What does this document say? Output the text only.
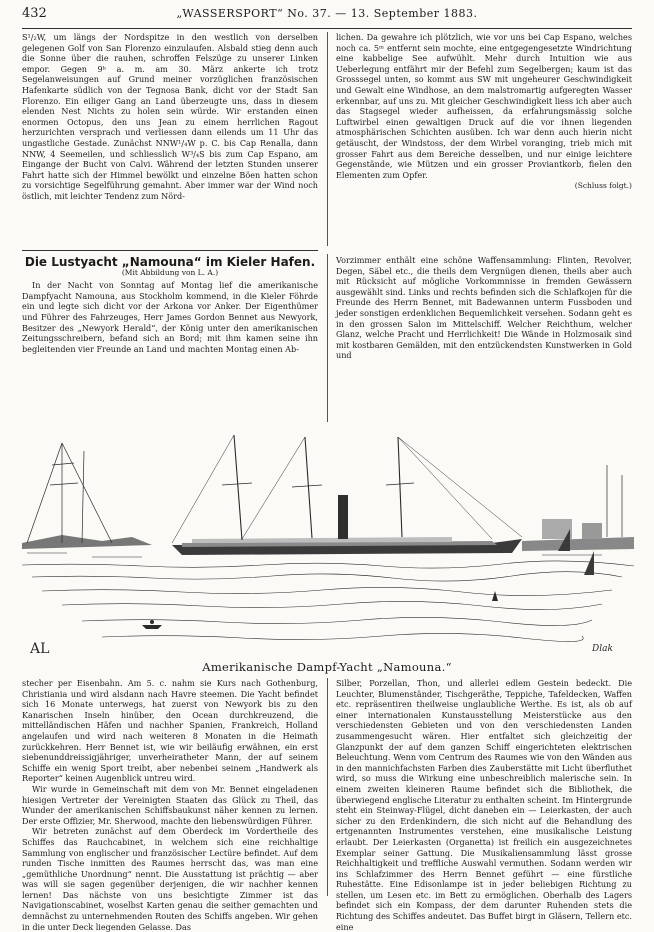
432	„WASSERSPORT“ No. 37. — 13. September 1883.

S¹/₂W, um längs der Nordspitze in den westlich von derselben gelegenen Golf von San Florenzo einzulaufen. Alsbald stieg denn auch die Sonne über die rauhen, schroffen Felszüge zu unserer Linken empor. Gegen 9ʰ a. m. am 30. März ankerte ich trotz Segelanweisungen auf Grund meiner vorzüglichen französischen Hafenkarte südlich von der Tegnosa Bank, dicht vor der Stadt San Florenzo. Ein eiliger Gang an Land überzeugte uns, dass in diesem elenden Nest Nichts zu holen sein würde. Wir erstanden einen enormen Octopus, den uns Jean zu einem herrlichen Ragout herzurichten versprach und verliessen dann eilends um 11 Uhr das ungastliche Gestade. Zunächst NNW¹/₄W p. C. bis Cap Renalla, dann NNW, 4 Seemeilen, und schliesslich W³/₄S bis zum Cap Espano, am Eingange der Bucht von Calvi. Während der letzten Stunden unserer Fahrt hatte sich der Himmel bewölkt und einzelne Böen hatten schon zu vorsichtige Segelführung gemahnt. Aber immer war der Wind noch östlich, mit leichter Tendenz zum Nörd-

lichen. Da gewahre ich plötzlich, wie vor uns bei Cap Espano, welches noch ca. 5ᵐ entfernt sein mochte, eine entgegengesetzte Windrichtung eine kabbelige See aufwühlt. Mehr durch Intuition wie aus Ueberlegung entfährt mir der Befehl zum Segelbergen; kaum ist das Grosssegel unten, so kommt aus SW mit ungeheurer Geschwindigkeit und Gewalt eine Windhose, an dem malstromartig aufgeregten Wasser erkennbar, auf uns zu. Mit gleicher Geschwindigkeit liess ich aber auch das Stagsegel wieder aufheissen, da erfahrungsmässig solche Luftwirbel einen gewaltigen Druck auf die vor ihnen liegenden atmosphärischen Schichten ausüben. Ich war denn auch hierin nicht getäuscht, der Windstoss, der dem Wirbel voranging, trieb mich mit grosser Fahrt aus dem Bereiche desselben, und nur einige leichtere Gegenstände, wie Mützen und ein grosser Proviantkorb, fielen den Elementen zum Opfer.

(Schluss folgt.)
Die Lustyacht „Namouna“ im Kieler Hafen.
(Mit Abbildung von L. A.)

In der Nacht von Sonntag auf Montag lief die amerikanische Dampfyacht Namouna, aus Stockholm kommend, in die Kieler Föhrde ein und legte sich dicht vor der Arkona vor Anker. Der Eigenthümer und Führer des Fahrzeuges, Herr James Gordon Bennet aus Newyork, Besitzer des „Newyork Herald“, der König unter den amerikanischen Zeitungsschreibern, befand sich an Bord; mit ihm kamen seine ihn begleitenden vier Freunde an Land und machten Montag einen Ab-

Vorzimmer enthält eine schöne Waffensammlung: Flinten, Revolver, Degen, Säbel etc., die theils dem Vergnügen dienen, theils aber auch mit Rücksicht auf mögliche Vorkommnisse in fremden Gewässern ausgewählt sind. Links und rechts befinden sich die Schlafkojen für die Freunde des Herrn Bennet, mit Badewannen unterm Fussboden und jeder sonstigen erdenklichen Bequemlichkeit versehen. Sodann geht es in den grossen Salon im Mittelschiff. Welcher Reichthum, welcher Glanz, welche Pracht und Herrlichkeit! Die Wände in Holzmosaik sind mit kostbaren Gemälden, mit den entzückendsten Kunstwerken in Gold und

AL	Dlak
Amerikanische Dampf-Yacht „Namouna.“

stecher per Eisenbahn. Am 5. c. nahm sie Kurs nach Gothenburg, Christiania und wird alsdann nach Havre steemen. Die Yacht befindet sich 16 Monate unterwegs, hat zuerst von Newyork bis zu den Kanarischen Inseln hinüber, den Ocean durchkreuzend, die mittelländischen Häfen und nachher Spanien, Frankreich, Holland angelaufen und wird nach weiteren 8 Monaten in die Heimath zurückkehren. Herr Bennet ist, wie wir beiläufig erwähnen, ein erst siebenunddreissigjähriger, unverheiratheter Mann, der auf seinem Schiffe ein wenig Sport treibt, aber nebenbei seinem „Handwerk als Reporter“ keinen Augenblick untreu wird.

Wir wurde in Gemeinschaft mit dem von Mr. Bennet eingeladenen hiesigen Vertreter der Vereinigten Staaten das Glück zu Theil, das Wunder der amerikanischen Schiffsbaukunst näher kennen zu lernen. Der erste Offizier, Mr. Sherwood, machte den liebenswürdigen Führer.

Wir betreten zunächst auf dem Oberdeck im Vordertheile des Schiffes das Rauchcabinet, in welchem sich eine reichhaltige Sammlung von englischer und französischer Lectüre befindet. Auf dem runden Tische inmitten des Raumes herrscht das, was man eine „gemüthliche Unordnung“ nennt. Die Ausstattung ist prächtig — aber was will sie sagen gegenüber derjenigen, die wir nachher kennen lernen! Das nächste von uns besichtigte Zimmer ist das Navigationscabinet, woselbst Karten genau die seither gemachten und demnächst zu unternehmenden Routen des Schiffs angeben. Wir gehen in die unter Deck liegenden Gelasse. Das

Silber, Porzellan, Thon, und allerlei edlem Gestein bedeckt. Die Leuchter, Blumenständer, Tischgeräthe, Teppiche, Tafeldecken, Waffen etc. repräsentiren theilweise unglaubliche Werthe. Es ist, als ob auf einer internationalen Kunstausstellung Meisterstücke aus den verschiedensten Gebieten und von den verschiedensten Landen zusammengesucht wären. Hier entfaltet sich gleichzeitig der Glanzpunkt der auf dem ganzen Schiff eingerichteten elektrischen Beleuchtung. Wenn vom Centrum des Raumes wie von den Wänden aus in den mannichfachsten Farben dies Zauberstätte mit Licht überfluthet wird, so muss die Wirkung eine unbeschreiblich malerische sein. In einem zweiten kleineren Raume befindet sich die Bibliothek, die überwiegend englische Literatur zu enthalten scheint. Im Hintergrunde steht ein Steinway-Flügel, dicht daneben ein — Leierkasten, der auch sicher zu den Erdenkindern, die sich nicht auf die Behandlung des ertgenannten Instrumentes verstehen, eine musikalische Leistung erlaubt. Der Leierkasten (Organetta) ist freilich ein ausgezeichnetes Exemplar seiner Gattung. Die Musikaliensammlung lässt grosse Reichhaltigkeit und treffliche Auswahl vermuthen. Sodann werden wir ins Schlafzimmer des Herrn Bennet geführt — eine fürstliche Ruhestätte. Eine Edisonlampe ist in jeder beliebigen Richtung zu stellen, um Lesen etc. im Bett zu ermöglichen. Oberhalb des Lagers befindet sich ein Kompass, der dem darunter Ruhenden stets die Richtung des Schiffes andeutet. Das Buffet birgt in Gläsern, Tellern etc. eine
